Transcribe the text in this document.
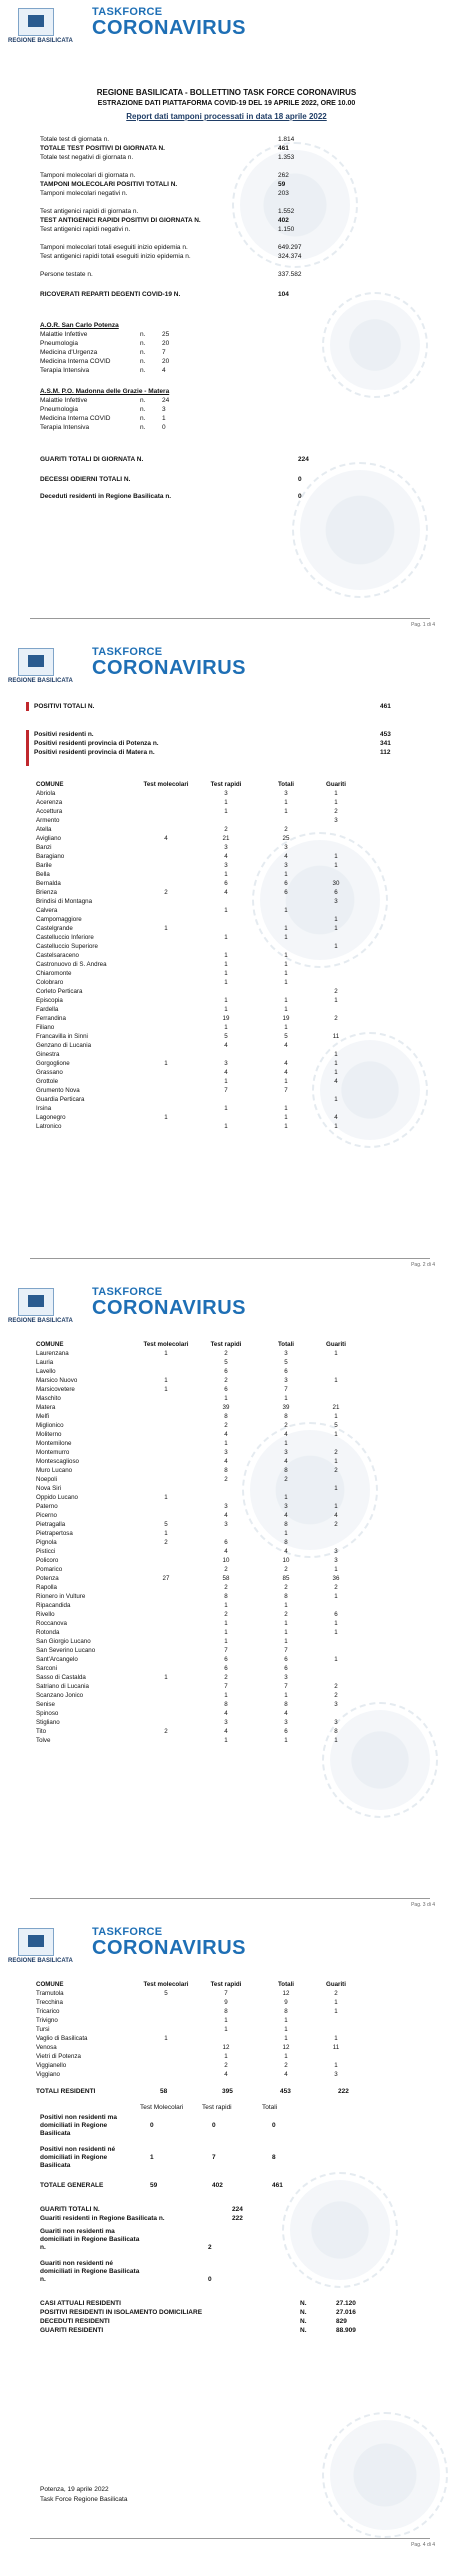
REGIONE BASILICATA
TASKFORCE
CORONAVIRUS
REGIONE BASILICATA - BOLLETTINO TASK FORCE CORONAVIRUS
ESTRAZIONE DATI PIATTAFORMA COVID-19 DEL 19 APRILE 2022, ORE 10.00
Report dati tamponi processati in data 18 aprile 2022
Totale test di giornata n.	1.814
TOTALE TEST POSITIVI DI GIORNATA N.	461
Totale test negativi di giornata n.	1.353
Tamponi molecolari di giornata n.	262
TAMPONI MOLECOLARI POSITIVI TOTALI N.	59
Tamponi molecolari negativi n.	203
Test antigenici rapidi di giornata n.	1.552
TEST ANTIGENICI RAPIDI POSITIVI DI GIORNATA N.	402
Test antigenici rapidi negativi n.	1.150
Tamponi molecolari totali eseguiti inizio epidemia n.	649.297
Test antigenici rapidi totali eseguiti inizio epidemia n.	324.374
Persone testate n.	337.582
RICOVERATI REPARTI DEGENTI COVID-19 N.	104
A.O.R. San Carlo Potenza
Malattie Infettive	n.	25
Pneumologia	n.	20
Medicina d'Urgenza	n.	7
Medicina Interna COVID	n.	20
Terapia Intensiva	n.	4
A.S.M. P.O. Madonna delle Grazie - Matera
Malattie Infettive	n.	24
Pneumologia	n.	3
Medicina Interna COVID	n.	1
Terapia Intensiva	n.	0
GUARITI TOTALI DI GIORNATA N.	224
DECESSI ODIERNI TOTALI N.	0
Deceduti residenti in Regione Basilicata n.	0
Pag. 1 di 4
REGIONE BASILICATA
TASKFORCE
CORONAVIRUS
POSITIVI TOTALI N.	461
Positivi residenti n.	453
Positivi residenti provincia di Potenza n.	341
Positivi residenti provincia di Matera n.	112
COMUNE	Test molecolari	Test rapidi	Totali	Guariti
Abriola		3	3	1
Acerenza		1	1	1
Accettura		1	1	2
Armento				3
Atella		2	2	
Avigliano	4	21	25	
Banzi		3	3	
Baragiano		4	4	1
Barile		3	3	1
Bella		1	1	
Bernalda		6	6	30
Brienza	2	4	6	6
Brindisi di Montagna				3
Calvera		1	1	
Campomaggiore				1
Castelgrande	1		1	1
Castelluccio Inferiore		1	1	
Castelluccio Superiore				1
Castelsaraceno		1	1	
Castronuovo di S. Andrea		1	1	
Chiaromonte		1	1	
Colobraro		1	1	
Corleto Perticara				2
Episcopia		1	1	1
Fardella		1	1	
Ferrandina		19	19	2
Filiano		1	1	
Francavilla in Sinni		5	5	11
Genzano di Lucania		4	4	
Ginestra				1
Gorgoglione	1	3	4	1
Grassano		4	4	1
Grottole		1	1	4
Grumento Nova		7	7	
Guardia Perticara				1
Irsina		1	1	
Lagonegro	1		1	4
Latronico		1	1	1
Pag. 2 di 4
REGIONE BASILICATA
TASKFORCE
CORONAVIRUS
COMUNE	Test molecolari	Test rapidi	Totali	Guariti
Laurenzana	1	2	3	1
Lauria		5	5	
Lavello		6	6	
Marsico Nuovo	1	2	3	1
Marsicovetere	1	6	7	
Maschito		1	1	
Matera		39	39	21
Melfi		8	8	1
Miglionico		2	2	5
Moliterno		4	4	1
Montemilone		1	1	
Montemurro		3	3	2
Montescaglioso		4	4	1
Muro Lucano		8	8	2
Noepoli		2	2	
Nova Siri				1
Oppido Lucano	1		1	
Paterno		3	3	1
Picerno		4	4	4
Pietragalla	5	3	8	2
Pietrapertosa	1		1	
Pignola	2	6	8	
Pisticci		4	4	3
Policoro		10	10	3
Pomarico		2	2	1
Potenza	27	58	85	36
Rapolla		2	2	2
Rionero in Vulture		8	8	1
Ripacandida		1	1	
Rivello		2	2	6
Roccanova		1	1	1
Rotonda		1	1	1
San Giorgio Lucano		1	1	
San Severino Lucano		7	7	
Sant'Arcangelo		6	6	1
Sarconi		6	6	
Sasso di Castalda	1	2	3	
Satriano di Lucania		7	7	2
Scanzano Jonico		1	1	2
Senise		8	8	3
Spinoso		4	4	
Stigliano		3	3	3
Tito	2	4	6	8
Tolve		1	1	1
Pag. 3 di 4
REGIONE BASILICATA
TASKFORCE
CORONAVIRUS
COMUNE	Test molecolari	Test rapidi	Totali	Guariti
Tramutola	5	7	12	2
Trecchina		9	9	1
Tricarico		8	8	1
Trivigno		1	1	
Tursi		1	1	
Vaglio di Basilicata	1		1	1
Venosa		12	12	11
Vietri di Potenza		1	1	
Viggianello		2	2	1
Viggiano		4	4	3
TOTALI RESIDENTI	58	395	453	222
Test Molecolari	Test rapidi	Totali
Positivi non residenti ma domiciliati in Regione Basilicata
0	0	0
Positivi non residenti né domiciliati in Regione Basilicata
1	7	8
TOTALE GENERALE	59	402	461
GUARITI TOTALI N.	224
Guariti residenti in Regione Basilicata n.	222
Guariti non residenti ma domiciliati in Regione Basilicata n.	2
Guariti non residenti né domiciliati in Regione Basilicata n.	0
CASI ATTUALI RESIDENTI	N.	27.120
POSITIVI RESIDENTI IN ISOLAMENTO DOMICILIARE	N.	27.016
DECEDUTI RESIDENTI	N.	829
GUARITI RESIDENTI	N.	88.909
Potenza, 19 aprile 2022
Task Force Regione Basilicata
Pag. 4 di 4
